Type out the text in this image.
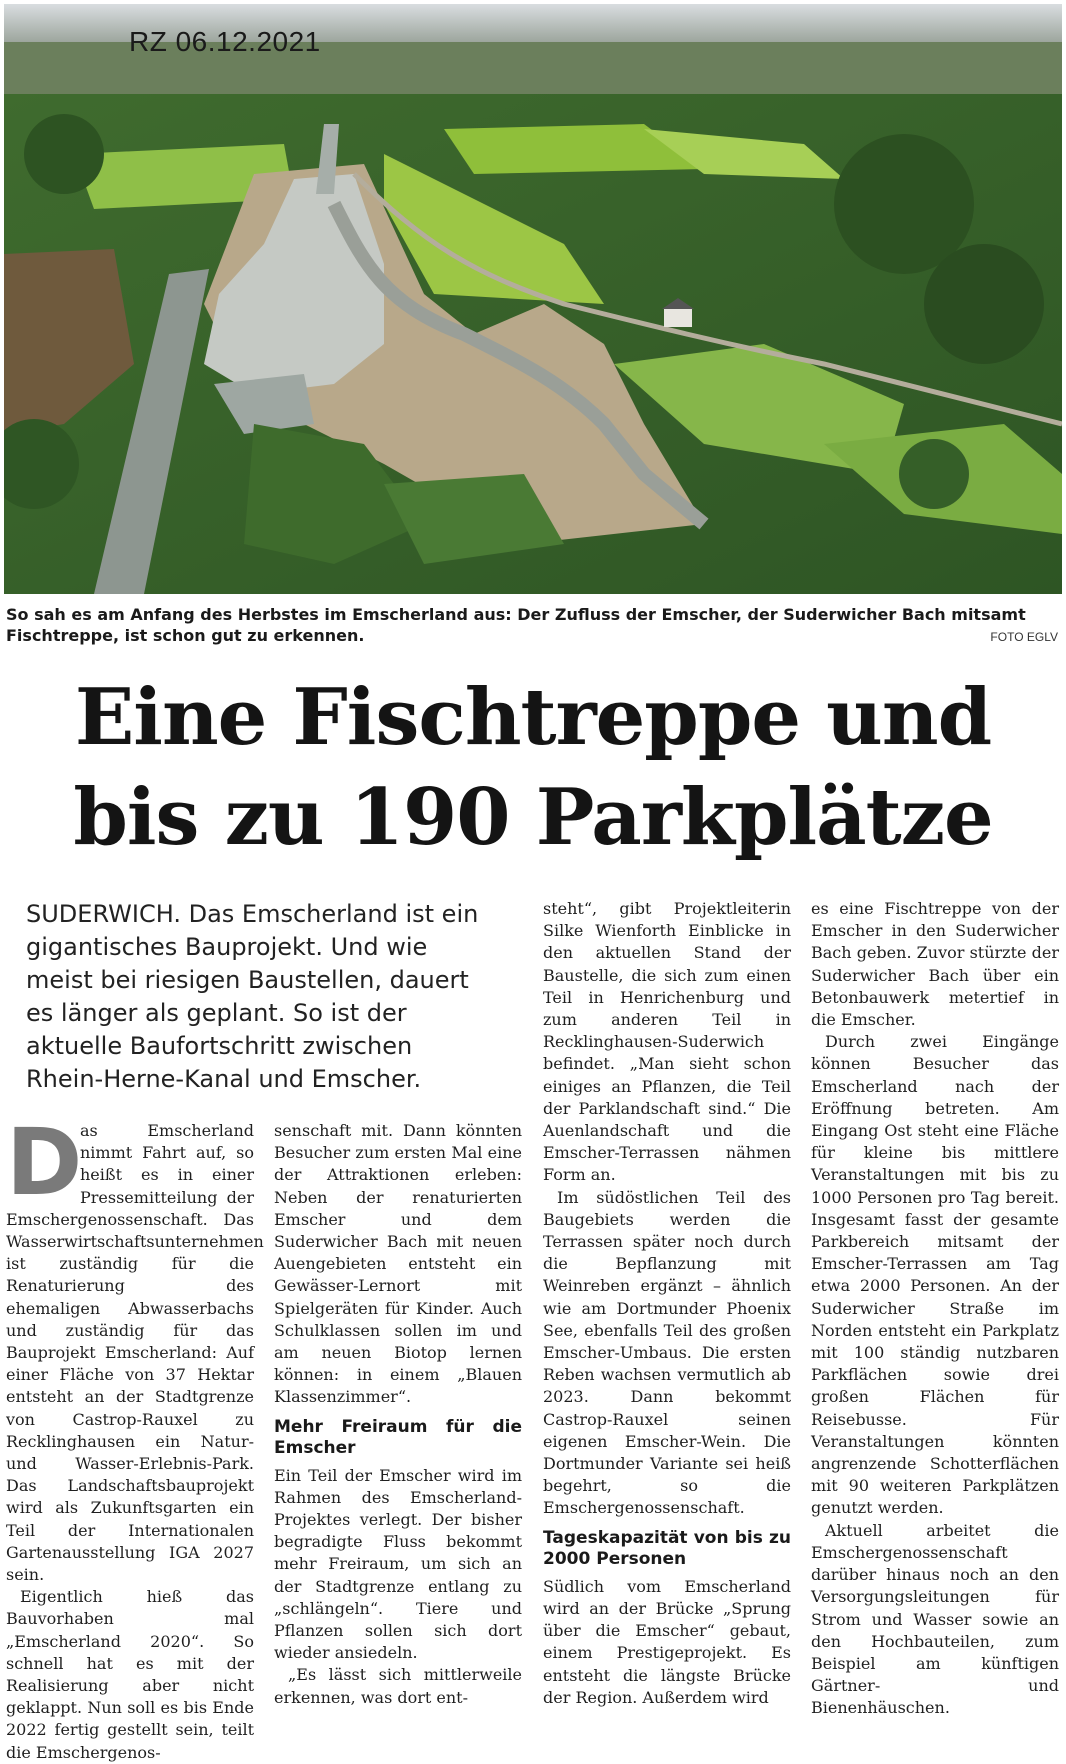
RZ 06.12.2021
So sah es am Anfang des Herbstes im Emscherland aus: Der Zufluss der Emscher, der Suderwicher Bach mitsamt Fischtreppe, ist schon gut zu erkennen.	FOTO EGLV
Eine Fischtreppe und
bis zu 190 Parkplätze
SUDERWICH. Das Emscherland ist ein gigantisches Bauprojekt. Und wie meist bei riesigen Baustellen, dauert es länger als geplant. So ist der aktuelle Baufortschritt zwischen Rhein-Herne-Kanal und Emscher.
D

as Emscherland nimmt Fahrt auf, so heißt es in einer Pressemitteilung der Emschergenossenschaft. Das Wasserwirtschaftsunternehmen ist zuständig für die Renaturierung des ehemaligen Abwasserbachs und zuständig für das Bauprojekt Emscherland: Auf einer Fläche von 37 Hektar entsteht an der Stadtgrenze von Castrop-Rauxel zu Recklinghausen ein Natur- und Wasser-Erlebnis-Park. Das Landschaftsbauprojekt wird als Zukunftsgarten ein Teil der Internationalen Gartenausstellung IGA 2027 sein.

Eigentlich hieß das Bauvorhaben mal „Emscherland 2020“. So schnell hat es mit der Realisierung aber nicht geklappt. Nun soll es bis Ende 2022 fertig gestellt sein, teilt die Emschergenos-

senschaft mit. Dann könnten Besucher zum ersten Mal eine der Attraktionen erleben: Neben der renaturierten Emscher und dem Suderwicher Bach mit neuen Auengebieten entsteht ein Gewässer-Lernort mit Spielgeräten für Kinder. Auch Schulklassen sollen im und am neuen Biotop lernen können: in einem „Blauen Klassenzimmer“.

Mehr Freiraum für die Emscher

Ein Teil der Emscher wird im Rahmen des Emscherland-Projektes verlegt. Der bisher begradigte Fluss bekommt mehr Freiraum, um sich an der Stadtgrenze entlang zu „schlängeln“. Tiere und Pflanzen sollen sich dort wieder ansiedeln.

„Es lässt sich mittlerweile erkennen, was dort ent-

steht“, gibt Projektleiterin Silke Wienforth Einblicke in den aktuellen Stand der Baustelle, die sich zum einen Teil in Henrichenburg und zum anderen Teil in Recklinghausen-Suderwich befindet. „Man sieht schon einiges an Pflanzen, die Teil der Parklandschaft sind.“ Die Auenlandschaft und die Emscher-Terrassen nähmen Form an.

Im südöstlichen Teil des Baugebiets werden die Terrassen später noch durch die Bepflanzung mit Weinreben ergänzt – ähnlich wie am Dortmunder Phoenix See, ebenfalls Teil des großen Emscher-Umbaus. Die ersten Reben wachsen vermutlich ab 2023. Dann bekommt Castrop-Rauxel seinen eigenen Emscher-Wein. Die Dortmunder Variante sei heiß begehrt, so die Emschergenossenschaft.

Tageskapazität von bis zu 2000 Personen

Südlich vom Emscherland wird an der Brücke „Sprung über die Emscher“ gebaut, einem Prestigeprojekt. Es entsteht die längste Brücke der Region. Außerdem wird

es eine Fischtreppe von der Emscher in den Suderwicher Bach geben. Zuvor stürzte der Suderwicher Bach über ein Betonbauwerk metertief in die Emscher.

Durch zwei Eingänge können Besucher das Emscherland nach der Eröffnung betreten. Am Eingang Ost steht eine Fläche für kleine bis mittlere Veranstaltungen mit bis zu 1000 Personen pro Tag bereit. Insgesamt fasst der gesamte Parkbereich mitsamt der Emscher-Terrassen am Tag etwa 2000 Personen. An der Suderwicher Straße im Norden entsteht ein Parkplatz mit 100 ständig nutzbaren Parkflächen sowie drei großen Flächen für Reisebusse. Für Veranstaltungen könnten angrenzende Schotterflächen mit 90 weiteren Parkplätzen genutzt werden.

Aktuell arbeitet die Emschergenossenschaft darüber hinaus noch an den Versorgungsleitungen für Strom und Wasser sowie an den Hochbauteilen, zum Beispiel am künftigen Gärtner- und Bienenhäuschen.
